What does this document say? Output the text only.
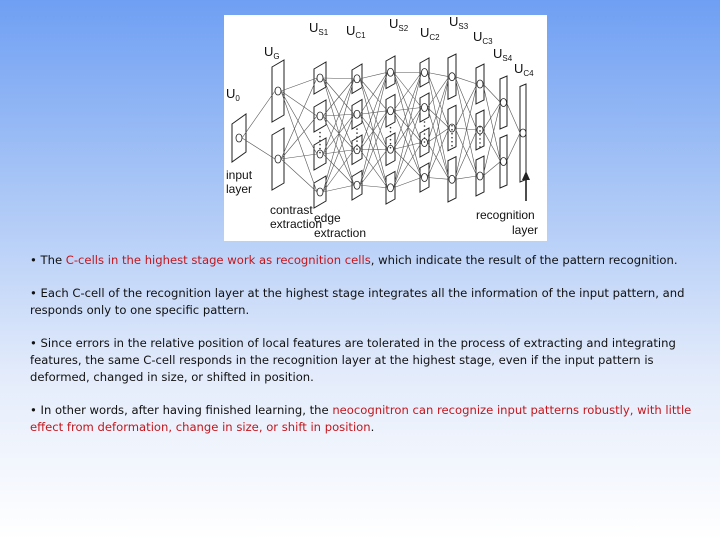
$U_0$
$U_G$
$U_{S1}$ $U_{C1}$
$U_{S2}$ $U_{C2}$
$U_{S3}$
$U_{C3}$
$U_{S4}$
$U_{C4}$
input
layer
contrast
extraction
edge
extraction
recognition
layer

• The C-cells in the highest stage work as recognition cells, which indicate the result of the pattern recognition.

• Each C-cell of the recognition layer at the highest stage integrates all the information of the input pattern, and responds only to one specific pattern.

• Since errors in the relative position of local features are tolerated in the process of extracting and integrating features, the same C-cell responds in the recognition layer at the highest stage, even if the input pattern is deformed, changed in size, or shifted in position.

• In other words, after having finished learning, the neocognitron can recognize input patterns robustly, with little effect from deformation, change in size, or shift in position.
